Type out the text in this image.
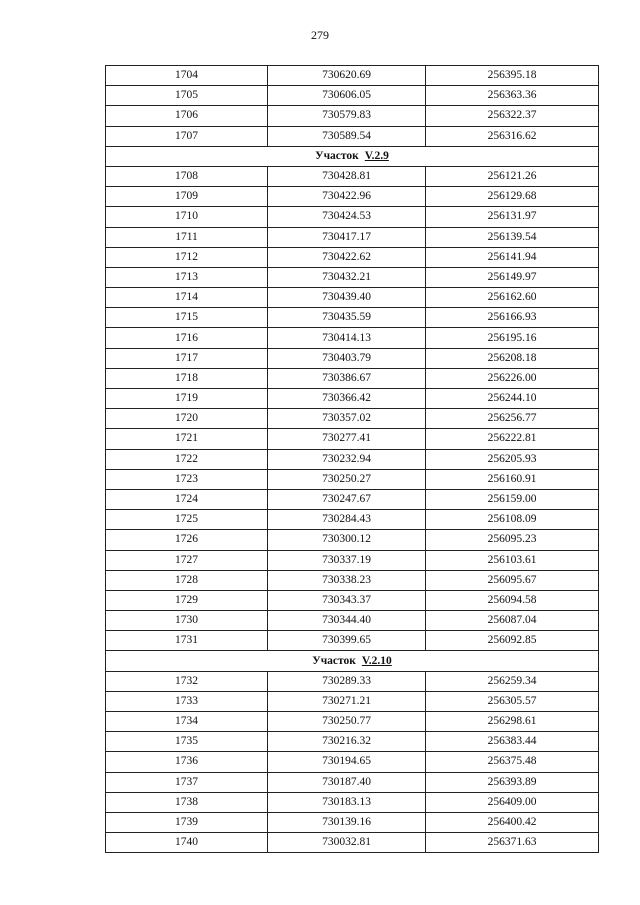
279
1704	730620.69	256395.18
1705	730606.05	256363.36
1706	730579.83	256322.37
1707	730589.54	256316.62
Участок V.2.9		
1708	730428.81	256121.26
1709	730422.96	256129.68
1710	730424.53	256131.97
1711	730417.17	256139.54
1712	730422.62	256141.94
1713	730432.21	256149.97
1714	730439.40	256162.60
1715	730435.59	256166.93
1716	730414.13	256195.16
1717	730403.79	256208.18
1718	730386.67	256226.00
1719	730366.42	256244.10
1720	730357.02	256256.77
1721	730277.41	256222.81
1722	730232.94	256205.93
1723	730250.27	256160.91
1724	730247.67	256159.00
1725	730284.43	256108.09
1726	730300.12	256095.23
1727	730337.19	256103.61
1728	730338.23	256095.67
1729	730343.37	256094.58
1730	730344.40	256087.04
1731	730399.65	256092.85
Участок V.2.10		
1732	730289.33	256259.34
1733	730271.21	256305.57
1734	730250.77	256298.61
1735	730216.32	256383.44
1736	730194.65	256375.48
1737	730187.40	256393.89
1738	730183.13	256409.00
1739	730139.16	256400.42
1740	730032.81	256371.63
